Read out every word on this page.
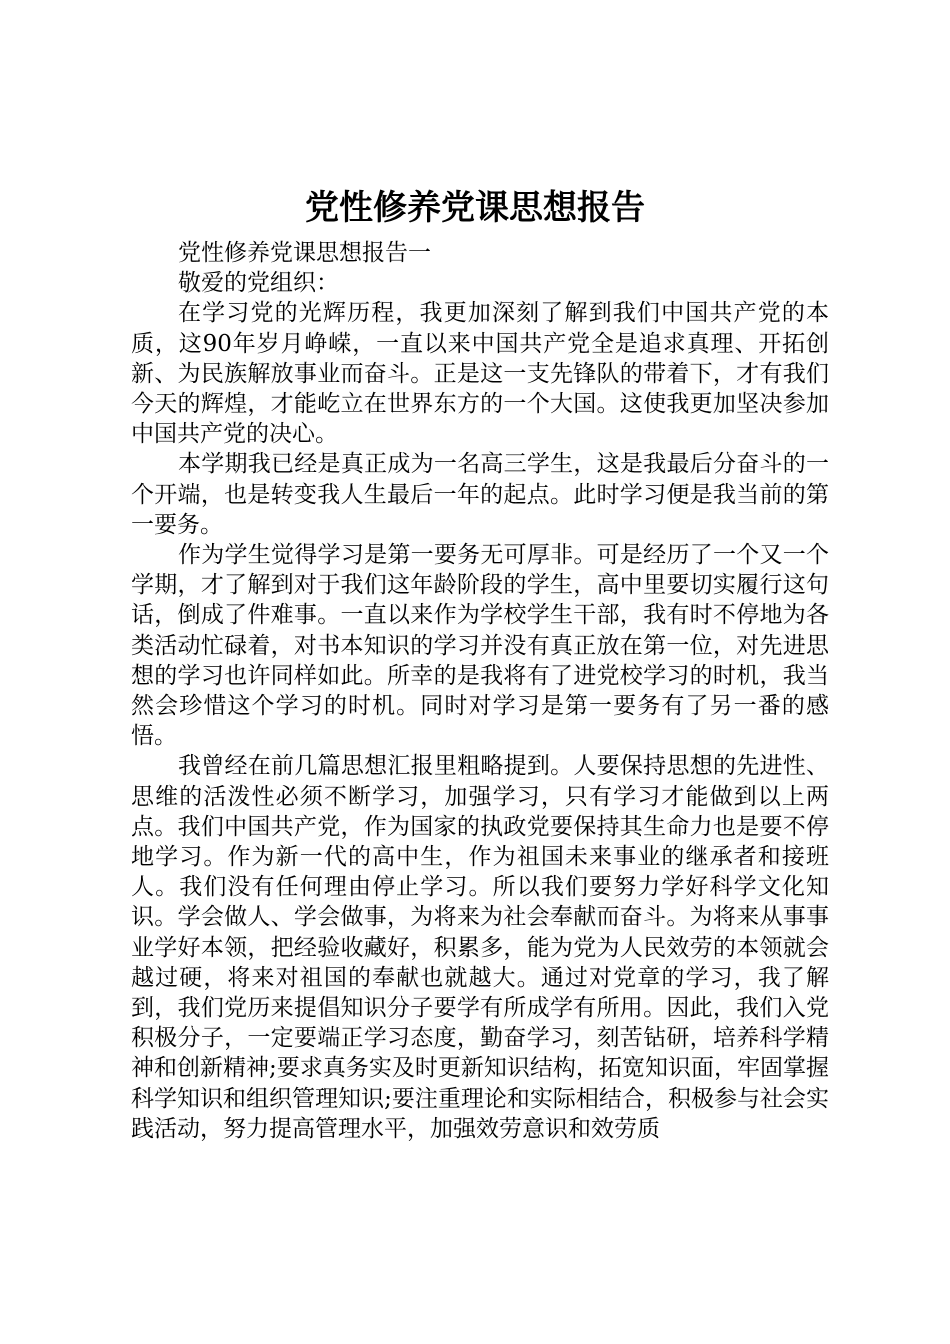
党性修养党课思想报告

党性修养党课思想报告一

敬爱的党组织：

在学习党的光辉历程，我更加深刻了解到我们中国共产党的本质，这90年岁月峥嵘，一直以来中国共产党全是追求真理、开拓创新、为民族解放事业而奋斗。正是这一支先锋队的带着下，才有我们今天的辉煌，才能屹立在世界东方的一个大国。这使我更加坚决参加中国共产党的决心。

本学期我已经是真正成为一名高三学生，这是我最后分奋斗的一个开端，也是转变我人生最后一年的起点。此时学习便是我当前的第一要务。

作为学生觉得学习是第一要务无可厚非。可是经历了一个又一个学期，才了解到对于我们这年龄阶段的学生，高中里要切实履行这句话，倒成了件难事。一直以来作为学校学生干部，我有时不停地为各类活动忙碌着，对书本知识的学习并没有真正放在第一位，对先进思想的学习也许同样如此。所幸的是我将有了进党校学习的时机，我当然会珍惜这个学习的时机。同时对学习是第一要务有了另一番的感悟。

我曾经在前几篇思想汇报里粗略提到。人要保持思想的先进性、思维的活泼性必须不断学习，加强学习，只有学习才能做到以上两点。我们中国共产党，作为国家的执政党要保持其生命力也是要不停地学习。作为新一代的高中生，作为祖国未来事业的继承者和接班人。我们没有任何理由停止学习。所以我们要努力学好科学文化知识。学会做人、学会做事，为将来为社会奉献而奋斗。为将来从事事业学好本领，把经验收藏好，积累多，能为党为人民效劳的本领就会越过硬，将来对祖国的奉献也就越大。通过对党章的学习，我了解到，我们党历来提倡知识分子要学有所成学有所用。因此，我们入党积极分子，一定要端正学习态度，勤奋学习，刻苦钻研，培养科学精神和创新精神;要求真务实及时更新知识结构，拓宽知识面，牢固掌握科学知识和组织管理知识;要注重理论和实际相结合，积极参与社会实践活动，努力提高管理水平，加强效劳意识和效劳质
